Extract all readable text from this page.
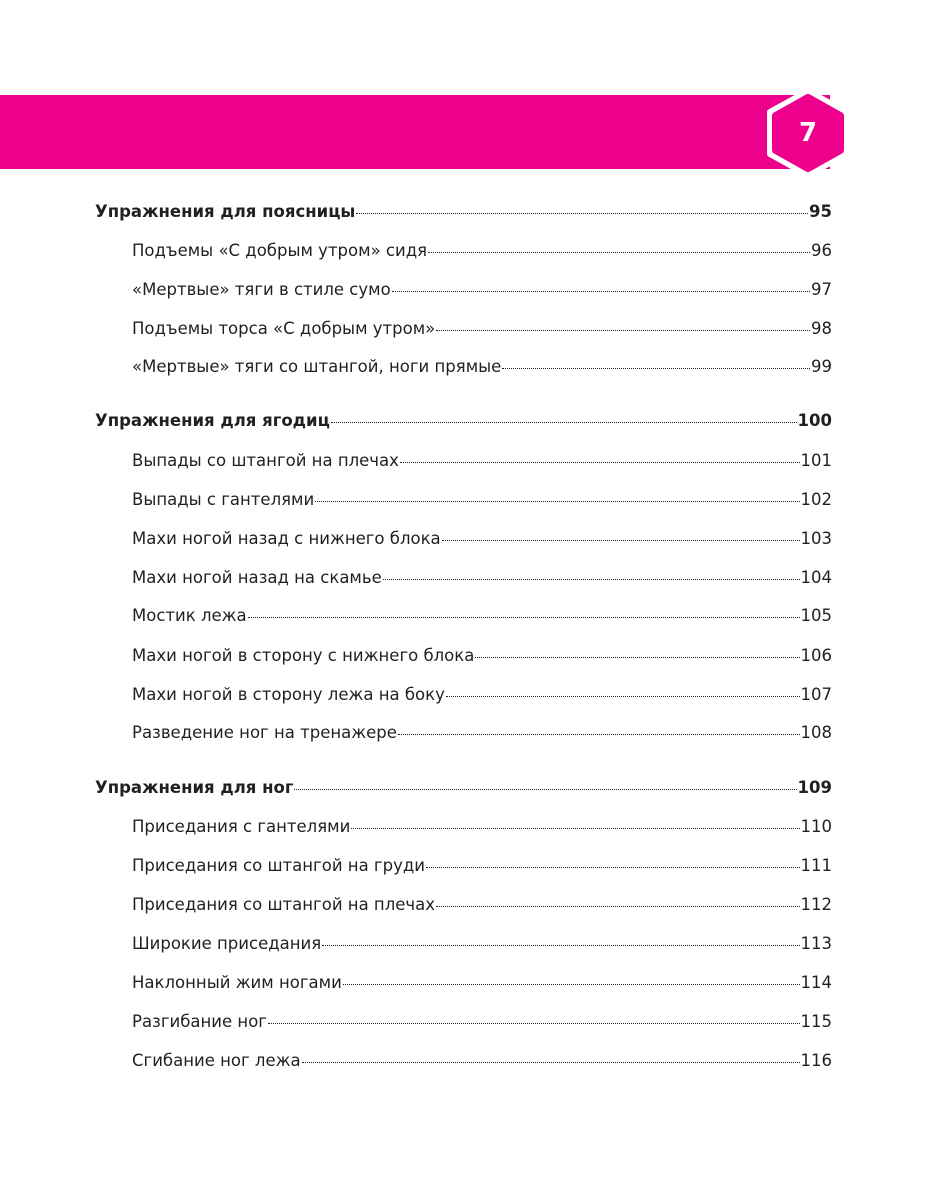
7
Упражнения для поясницы	95
Подъемы «С добрым утром» сидя	96
«Мертвые» тяги в стиле сумо	97
Подъемы торса «С добрым утром»	98
«Мертвые» тяги со штангой, ноги прямые	99
Упражнения для ягодиц	100
Выпады со штангой на плечах	101
Выпады с гантелями	102
Махи ногой назад с нижнего блока	103
Махи ногой назад на скамье	104
Мостик лежа	105
Махи ногой в сторону с нижнего блока	106
Махи ногой в сторону лежа на боку	107
Разведение ног на тренажере	108
Упражнения для ног	109
Приседания с гантелями	110
Приседания со штангой на груди	111
Приседания со штангой на плечах	112
Широкие приседания	113
Наклонный жим ногами	114
Разгибание ног	115
Сгибание ног лежа	116
